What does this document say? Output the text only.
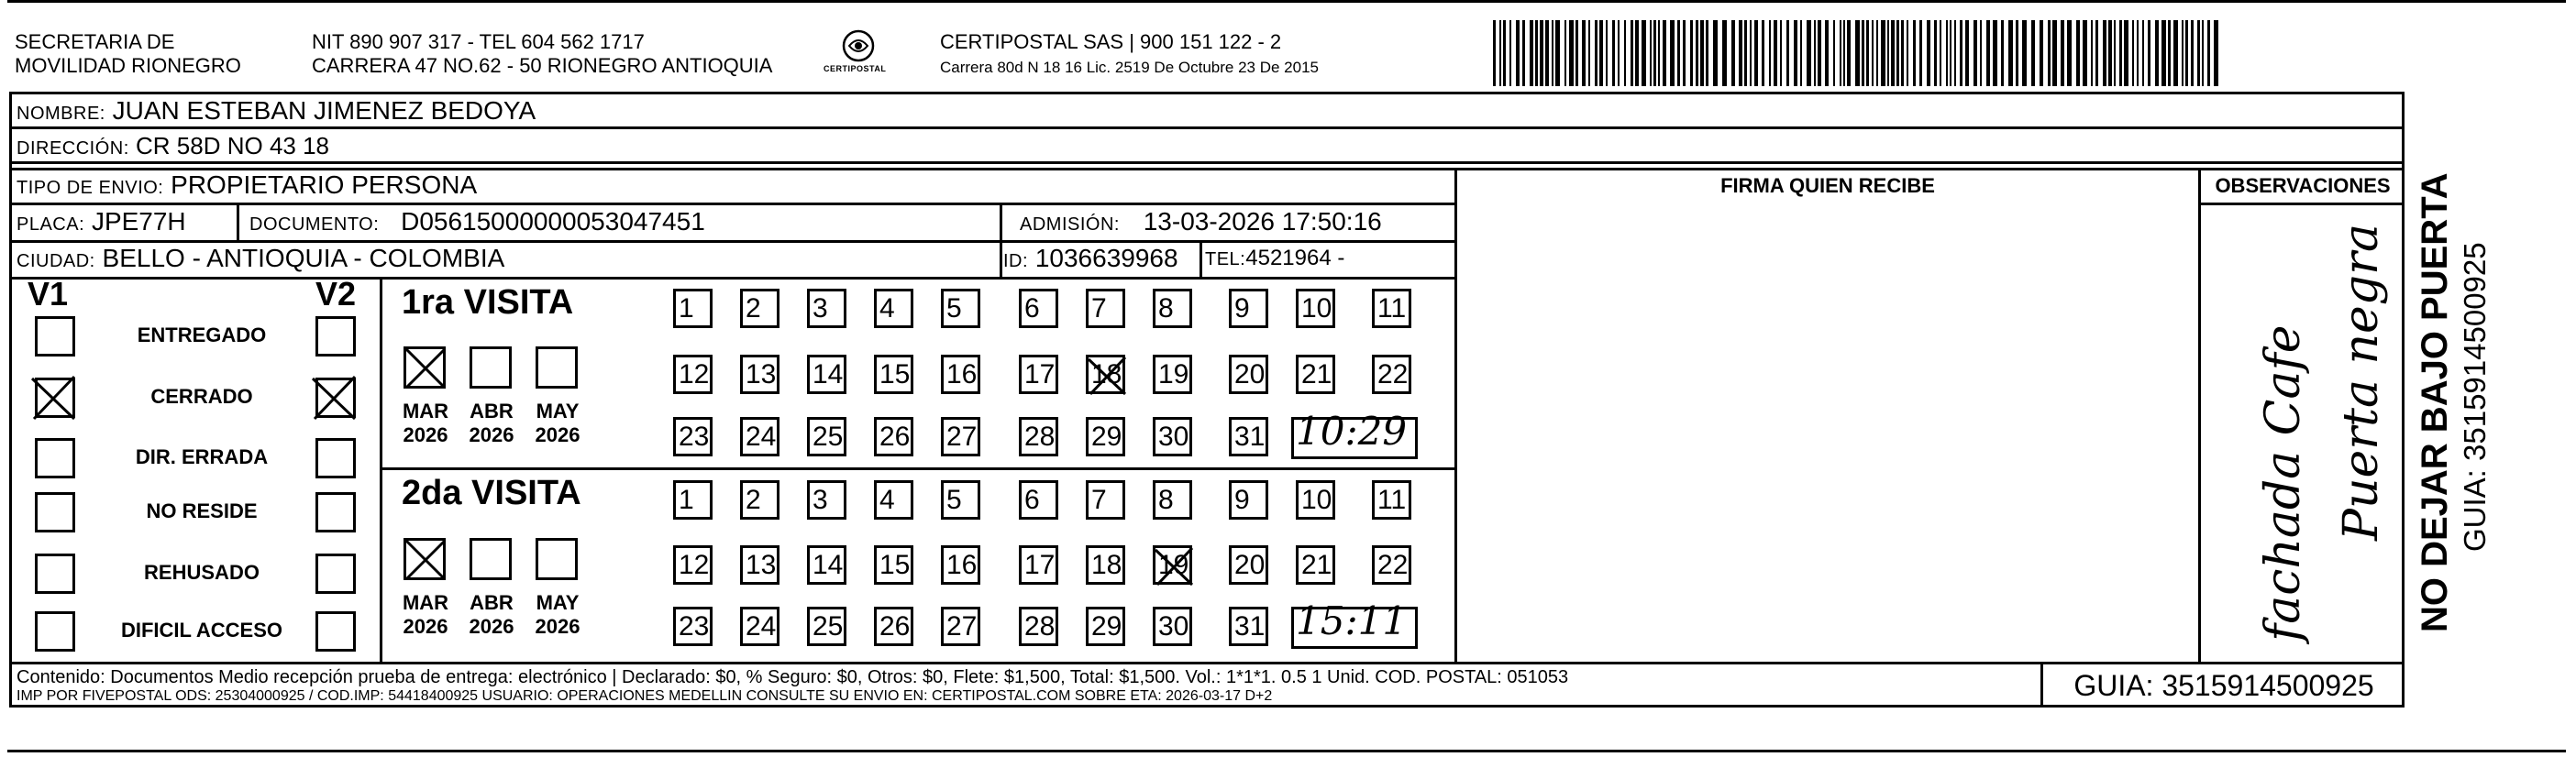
SECRETARIA DE
MOVILIDAD RIONEGRO
NIT 890 907 317 - TEL 604 562 1717
CARRERA 47 NO.62 - 50 RIONEGRO ANTIOQUIA	CERTIPOSTAL
CERTIPOSTAL SAS | 900 151 122 - 2
Carrera 80d N 18 16 Lic. 2519 De Octubre 23 De 2015
NOMBRE: JUAN ESTEBAN JIMENEZ BEDOYA
DIRECCIÓN: CR 58D NO 43 18
TIPO DE ENVIO: PROPIETARIO PERSONA
PLACA: JPE77H	DOCUMENTO: D05615000000053047451	ADMISIÓN: 13-03-2026 17:50:16
CIUDAD: BELLO - ANTIOQUIA - COLOMBIA	ID: 1036639968 TEL:4521964 -
FIRMA QUIEN RECIBE	OBSERVACIONES
V1	V2
ENTREGADO
CERRADO
DIR. ERRADA
NO RESIDE
REHUSADO
DIFICIL ACCESO
1ra VISITA
2da VISITA
MAR
2026
ABR
2026
MAY
2026
MAR
2026
ABR
2026
MAY
2026
1	2	3	4	5	6	7	8	9	10 11
12 13 14 15 16 17 18 19 20 21 22
23 24 25 26 27 28 29 30 31
1	2	3	4	5	6	7	8	9	10 11
12 13 14 15 16 17 18 19 20 21 22
23 24 25 26 27 28 29 30 31
10:29
15:11
Puerta negra
fachada Cafe	NO DEJAR BAJO PUERTA GUIA: 3515914500925
Contenido: Documentos Medio recepción prueba de entrega: electrónico | Declarado: $0, % Seguro: $0, Otros: $0, Flete: $1,500, Total: $1,500. Vol.: 1*1*1. 0.5 1 Unid. COD. POSTAL: 051053
IMP POR FIVEPOSTAL ODS: 25304000925 / COD.IMP: 54418400925 USUARIO: OPERACIONES MEDELLIN CONSULTE SU ENVIO EN: CERTIPOSTAL.COM SOBRE ETA: 2026-03-17 D+2	GUIA: 3515914500925
